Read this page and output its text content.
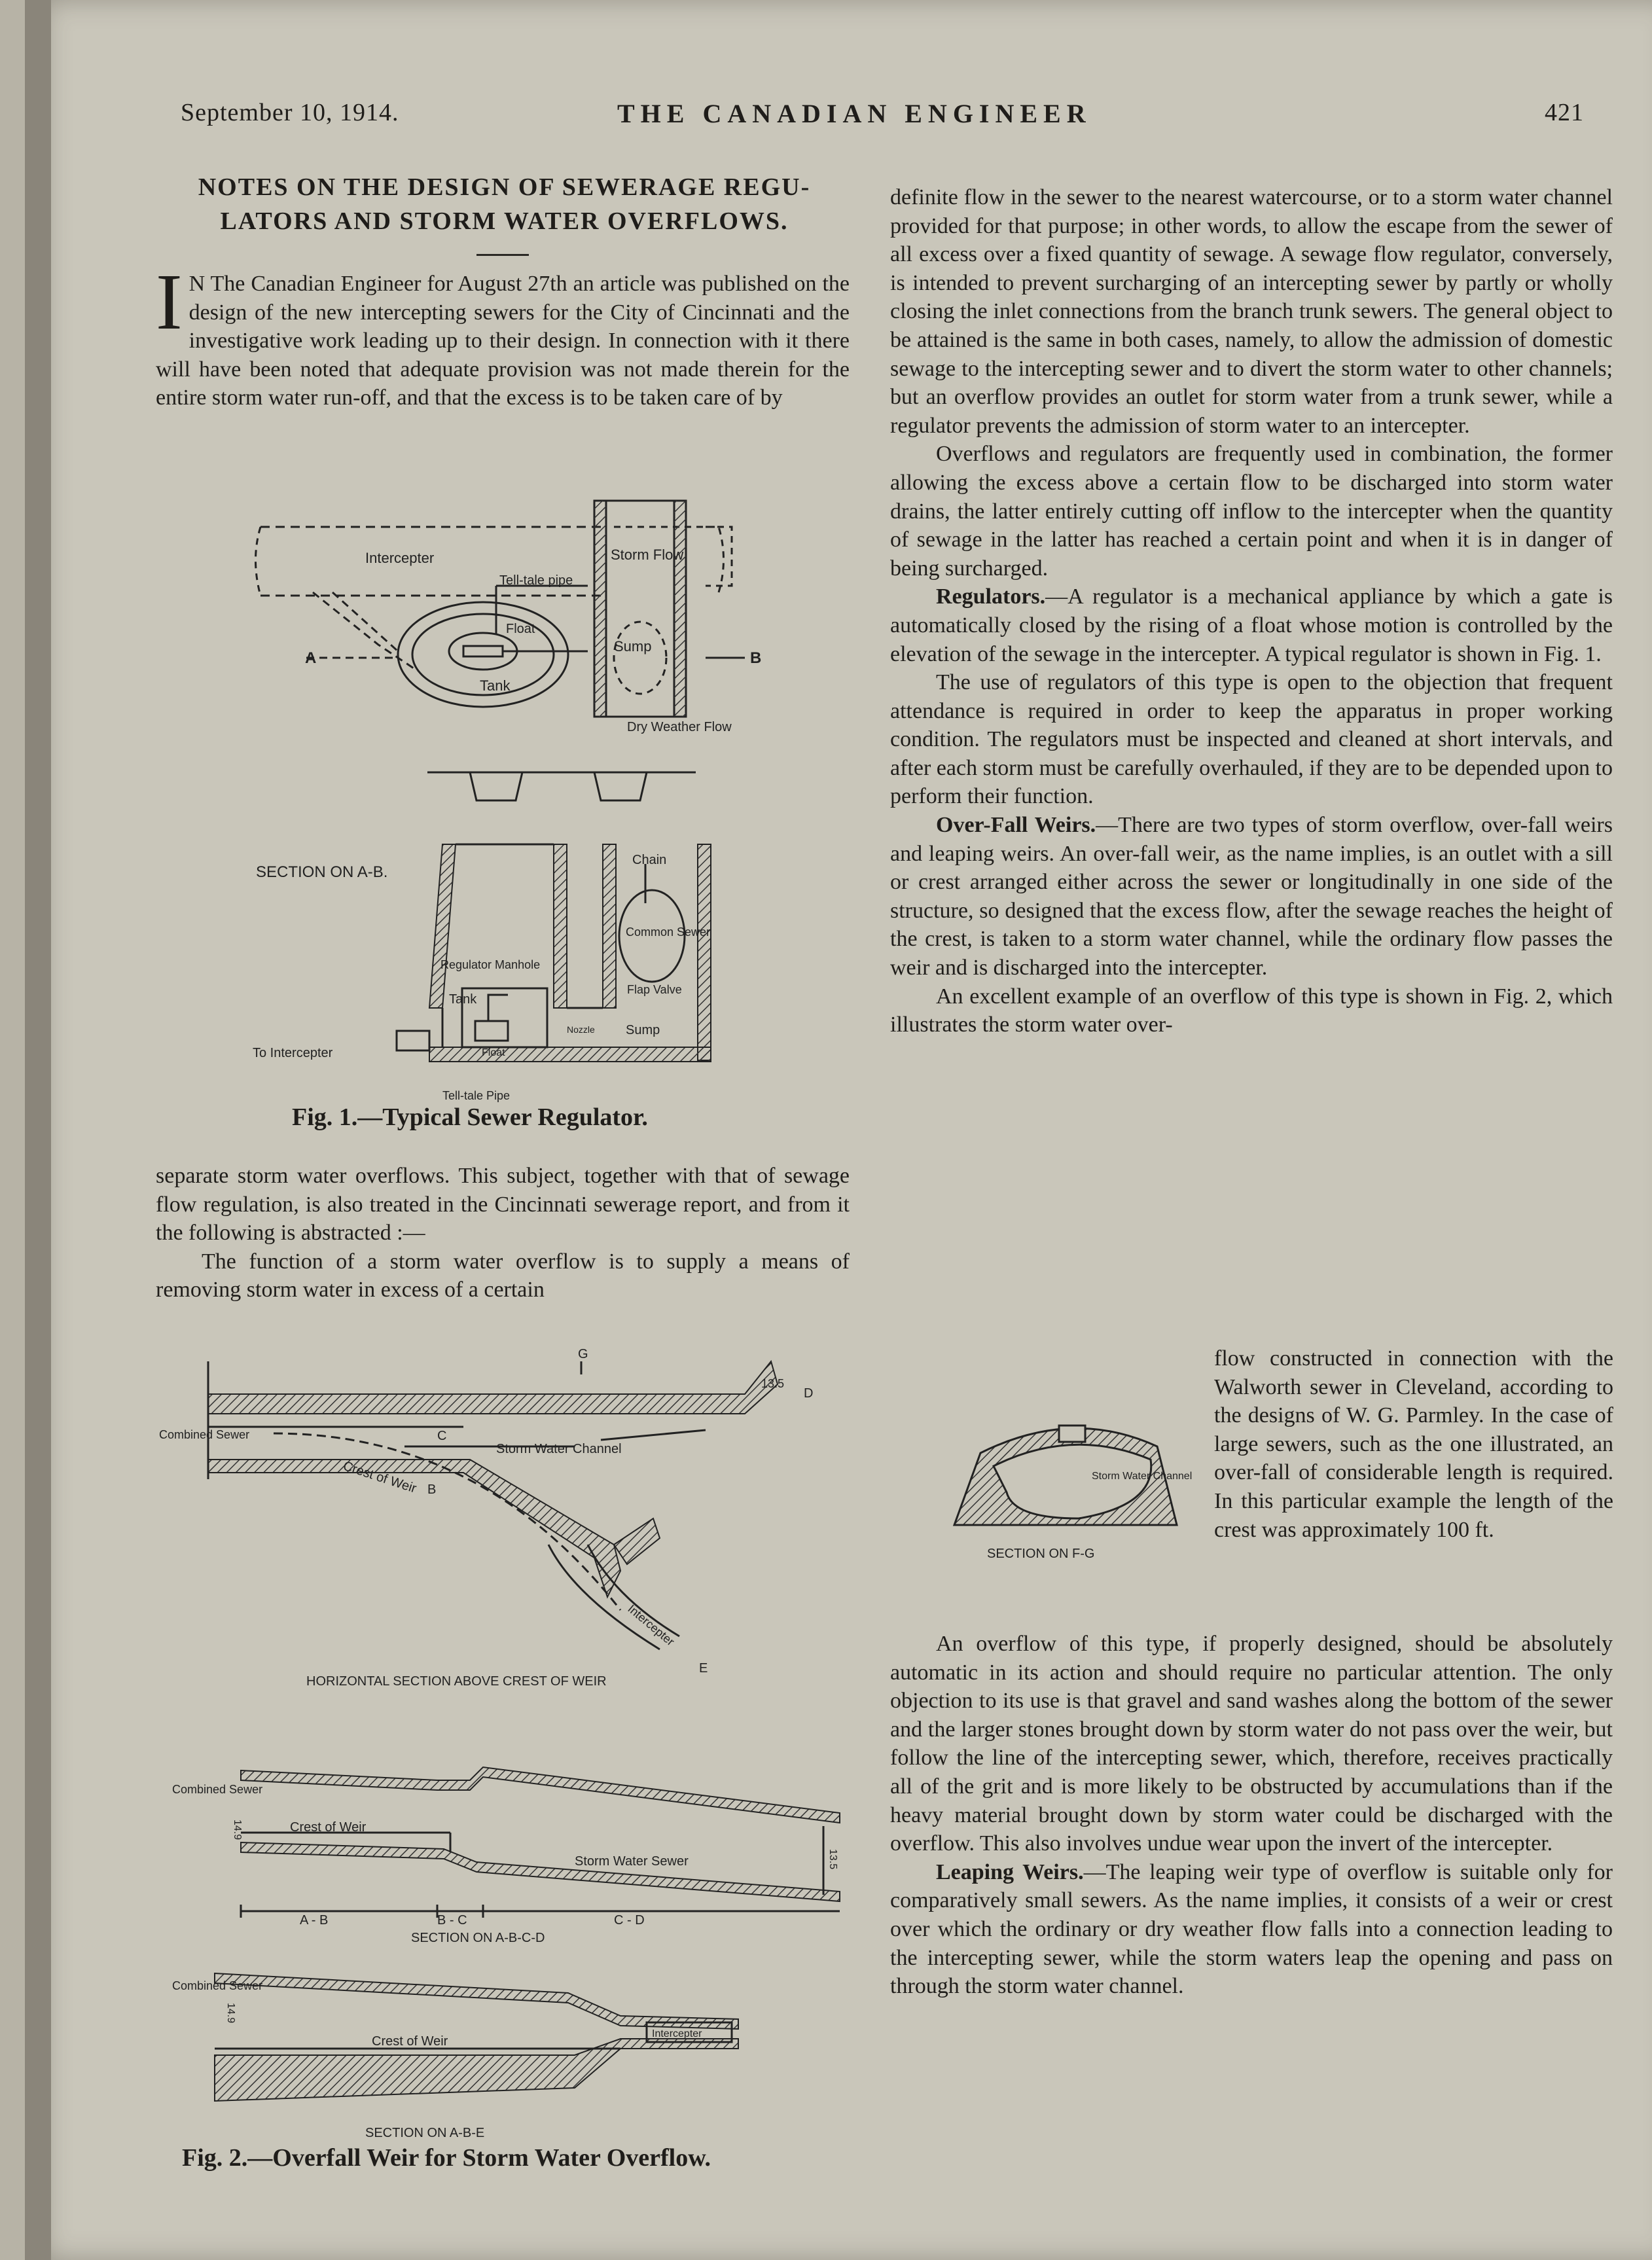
September 10, 1914.	THE CANADIAN ENGINEER	421
NOTES ON THE DESIGN OF SEWERAGE REGU-
LATORS AND STORM WATER OVERFLOWS.

I N The Canadian Engineer for August 27th an article was published on the design of the new intercepting sewers for the City of Cincinnati and the investigative work leading up to their design. In connection with it there will have been noted that adequate provision was not made therein for the entire storm water run-off, and that the excess is to be taken care of by

Intercepter	Storm Flow
Tell-tale pipe
Float
Sump
Tank
A	B
Dry Weather Flow
SECTION ON A-B.
Chain
Common Sewer
Regulator Manhole
Tank
Flap Valve
Nozzle Sump
Float
To Intercepter
Tell-tale Pipe
Fig. 1.—Typical Sewer Regulator.

separate storm water overflows. This subject, together with that of sewage flow regulation, is also treated in the Cincinnati sewerage report, and from it the following is abstracted :—

The function of a storm water overflow is to supply a means of removing storm water in excess of a certain

Combined Sewer
Crest of Weir
Storm Water Channel
Intercepter
C
D
E
G
B
13.5
HORIZONTAL SECTION ABOVE CREST OF WEIR
Combined Sewer
Crest of Weir
Storm Water Sewer
A - B	B - C	C - D
14.9
13.5
SECTION ON A-B-C-D
Combined Sewer
Crest of Weir
Intercepter
14.9
SECTION ON A-B-E
Fig. 2.—Overfall Weir for Storm Water Overflow.

definite flow in the sewer to the nearest watercourse, or to a storm water channel provided for that purpose; in other words, to allow the escape from the sewer of all excess over a fixed quantity of sewage. A sewage flow regulator, conversely, is intended to prevent surcharging of an intercepting sewer by partly or wholly closing the inlet connections from the branch trunk sewers. The general object to be attained is the same in both cases, namely, to allow the admission of domestic sewage to the intercepting sewer and to divert the storm water to other channels; but an overflow provides an outlet for storm water from a trunk sewer, while a regulator prevents the admission of storm water to an intercepter.

Overflows and regulators are frequently used in combination, the former allowing the excess above a certain flow to be discharged into storm water drains, the latter entirely cutting off inflow to the intercepter when the quantity of sewage in the latter has reached a certain point and when it is in danger of being surcharged.

Regulators.—A regulator is a mechanical appliance by which a gate is automatically closed by the rising of a float whose motion is controlled by the elevation of the sewage in the intercepter. A typical regulator is shown in Fig. 1.

The use of regulators of this type is open to the objection that frequent attendance is required in order to keep the apparatus in proper working condition. The regulators must be inspected and cleaned at short intervals, and after each storm must be carefully overhauled, if they are to be depended upon to perform their function.

Over-Fall Weirs.—There are two types of storm overflow, over-fall weirs and leaping weirs. An over-fall weir, as the name implies, is an outlet with a sill or crest arranged either across the sewer or longitudinally in one side of the structure, so designed that the excess flow, after the sewage reaches the height of the crest, is taken to a storm water channel, while the ordinary flow passes the weir and is discharged into the intercepter.

An excellent example of an overflow of this type is shown in Fig. 2, which illustrates the storm water over-

Storm Water Channel
SECTION ON F-G

flow constructed in connection with the Walworth sewer in Cleveland, according to the designs of W. G. Parmley. In the case of large sewers, such as the one illustrated, an over-fall of considerable length is required. In this particular example the length of the crest was approximately 100 ft.

An overflow of this type, if properly designed, should be absolutely automatic in its action and should require no particular attention. The only objection to its use is that gravel and sand washes along the bottom of the sewer and the larger stones brought down by storm water do not pass over the weir, but follow the line of the intercepting sewer, which, therefore, receives practically all of the grit and is more likely to be obstructed by accumulations than if the heavy material brought down by storm water could be discharged with the overflow. This also involves undue wear upon the invert of the intercepter.

Leaping Weirs.—The leaping weir type of overflow is suitable only for comparatively small sewers. As the name implies, it consists of a weir or crest over which the ordinary or dry weather flow falls into a connection leading to the intercepting sewer, while the storm waters leap the opening and pass on through the storm water channel.
